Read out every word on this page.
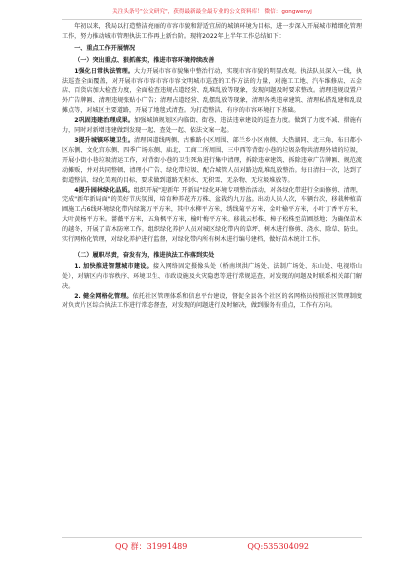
关注头条号"公文研究"，获得最新最全最专业的公文资料库！ 微信：gongwenyj

年初以来，我局以打造整洁亮丽的市容市貌和舒适宜居的城镇环境为目标，进一步深入开展城市精细化管理工作，努力推动城市管理执法工作再上新台阶。现将2022年上半年工作总结如下：

一、重点工作开展情况

（一）突出重点、狠抓落实，推进市容环境持续改善

1强化日常执法管理。大力开展市容市貌集中整治行动，实现市容市貌的明显改观。执法队员深入一线，执法巡查全面覆盖，对开展市容市容市容市容文明城市巡查的工作方法的力量，对施工工地、汽车维修店、五金店、百货店加大检查力度，全面检查违规占道经营、乱堆乱放等现象，发现问题及时要求整改。清理违规设置户外广告牌匾、清理违规张贴小广告；清理占道经营、乱摆乱放等现象，清理各类违章建筑、清理私搭乱建和乱设摊点等，对城区主要道路，开展了地毯式清查。为打造整洁、有序的市容环境打下基础。

2巩固违建治理成果。加强城镇规划区内临街、街巷、违法违章建设的巡查力度。做到了力度不减、措施有力，同时对新增违建做到发现一起、查处一起、依法文案一起。

3提升城镇环境卫生。清理国道线两侧、古雅路小区周围、部兰乡小区南侧、大热湖同、北三角、布日都小区东侧、文化宫东侧、四季广场东侧、庙北、工商二所周围、三中西等背街小巷的垃圾杂物共清理外墙的垃圾，开展小街小巷垃圾清运工作，对背街小巷的卫生死角进行集中清理，拆除违章建筑、拆除违章广告牌匾、规范流动摊贩，并对共同整顿、清理小广告、绿化带垃圾、配合城管人员对路边乱堆乱放整治。每日清扫一次，达到了街道整洁、绿化美观的目标，要求做到道路无积水、无积雪、无杂物、无垃圾堆放等。

4提升园林绿化品质。组织开展"迎新年 开新局"绿化环境专项整治活动，对各绿化带进行全面修剪、清理，完成"新年新局面"的美好节庆氛围，培育种养花卉万株、盆栽约九万盆。出动人员人次，车辆台次，移栽种植苗圃施工占6线环境绿化带内绿篱万平方米，其中水柳平方米，绣线菊平方米，金叶榆平方米，小叶丁香平方米，大叶黄杨平方米。蔷薇平方米，五角枫平方米，榆叶梅平方米。移栽云杉株、樟子松株至苗圃基地；为确保苗木的越冬，开展了苗木防寒工作。组织绿化养护人员对城区绿化带内的草坪、树木进行修剪、浇水、除草、防虫。实行网格化管理，对绿化养护进行监督，对绿化带内所有树木进行编号建档，做好苗木统计工作。

（二）履职尽责，奋发有为，推进执法工作落到实处

1. 加快推进智慧城市建设。接入网络固定摄像头处（桥南坝洪广场处、法制广场处、东山处、电视塔山处），对辖区内市容秩序、环境卫生、市政设施及火灾隐患等进行常规巡查，对发现的问题及时联系相关部门解决。

2. 健全网格化管理。依托社区管理体系和信息平台建设，督促全县各个社区的名网格员按照社区管理制度对负责片区综合执法工作进行常态督查，对发现的问题进行及时解决，做到服务有重点，工作有方向。

QQ 群：31991489	QQ:535304092
